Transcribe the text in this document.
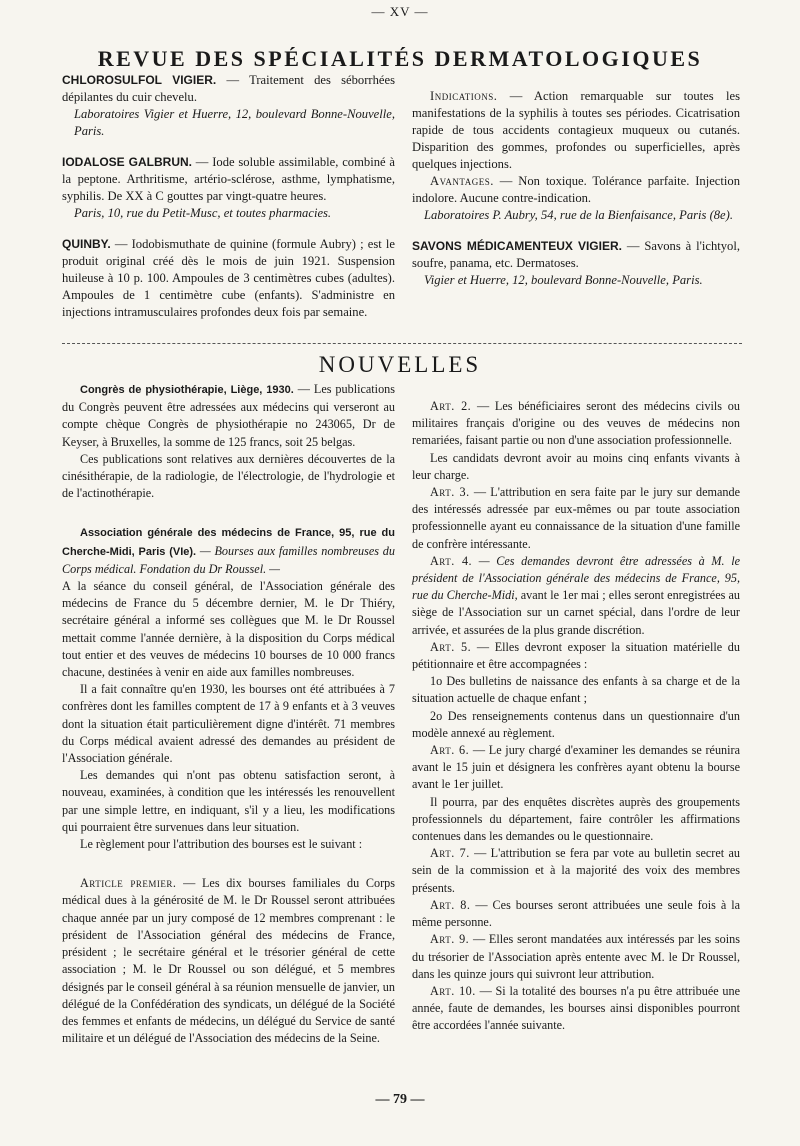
— XV —
REVUE DES SPÉCIALITÉS DERMATOLOGIQUES

CHLOROSULFOL VIGIER. — Traitement des séborrhées dépilantes du cuir chevelu.

Laboratoires Vigier et Huerre, 12, boulevard Bonne-Nouvelle, Paris.

IODALOSE GALBRUN. — Iode soluble assimilable, combiné à la peptone. Arthritisme, artério-sclérose, asthme, lymphatisme, syphilis. De XX à C gouttes par vingt-quatre heures.

Paris, 10, rue du Petit-Musc, et toutes pharmacies.

QUINBY. — Iodobismuthate de quinine (formule Aubry) ; est le produit original créé dès le mois de juin 1921. Suspension huileuse à 10 p. 100. Ampoules de 3 centimètres cubes (adultes). Ampoules de 1 centimètre cube (enfants). S'administre en injections intramusculaires profondes deux fois par semaine.

Indications. — Action remarquable sur toutes les manifestations de la syphilis à toutes ses périodes. Cicatrisation rapide de tous accidents contagieux muqueux ou cutanés. Disparition des gommes, profondes ou superficielles, après quelques injections.

Avantages. — Non toxique. Tolérance parfaite. Injection indolore. Aucune contre-indication.

Laboratoires P. Aubry, 54, rue de la Bienfaisance, Paris (8e).

SAVONS MÉDICAMENTEUX VIGIER. — Savons à l'ichtyol, soufre, panama, etc. Dermatoses.

Vigier et Huerre, 12, boulevard Bonne-Nouvelle, Paris.

NOUVELLES

Congrès de physiothérapie, Liège, 1930. — Les publications du Congrès peuvent être adressées aux médecins qui verseront au compte chèque Congrès de physiothérapie no 243065, Dr de Keyser, à Bruxelles, la somme de 125 francs, soit 25 belgas.

Ces publications sont relatives aux dernières découvertes de la cinésithérapie, de la radiologie, de l'électrologie, de l'hydrologie et de l'actinothérapie.

Association générale des médecins de France, 95, rue du Cherche-Midi, Paris (VIe). — Bourses aux familles nombreuses du Corps médical. Fondation du Dr Roussel. —

A la séance du conseil général, de l'Association générale des médecins de France du 5 décembre dernier, M. le Dr Thiéry, secrétaire général a informé ses collègues que M. le Dr Roussel mettait comme l'année dernière, à la disposition du Corps médical tout entier et des veuves de médecins 10 bourses de 10 000 francs chacune, destinées à venir en aide aux familles nombreuses.

Il a fait connaître qu'en 1930, les bourses ont été attribuées à 7 confrères dont les familles comptent de 17 à 9 enfants et à 3 veuves dont la situation était particulièrement digne d'intérêt. 71 membres du Corps médical avaient adressé des demandes au président de l'Association générale.

Les demandes qui n'ont pas obtenu satisfaction seront, à nouveau, examinées, à condition que les intéressés les renouvellent par une simple lettre, en indiquant, s'il y a lieu, les modifications qui pourraient être survenues dans leur situation.

Le règlement pour l'attribution des bourses est le suivant :

Article premier. — Les dix bourses familiales du Corps médical dues à la générosité de M. le Dr Roussel seront attribuées chaque année par un jury composé de 12 membres comprenant : le président de l'Association général des médecins de France, président ; le secrétaire général et le trésorier général de cette association ; M. le Dr Roussel ou son délégué, et 5 membres désignés par le conseil général à sa réunion mensuelle de janvier, un délégué de la Confédération des syndicats, un délégué de la Société des femmes et enfants de médecins, un délégué du Service de santé militaire et un délégué de l'Association des médecins de la Seine.

Art. 2. — Les bénéficiaires seront des médecins civils ou militaires français d'origine ou des veuves de médecins non remariées, faisant partie ou non d'une association professionnelle.

Les candidats devront avoir au moins cinq enfants vivants à leur charge.

Art. 3. — L'attribution en sera faite par le jury sur demande des intéressés adressée par eux-mêmes ou par toute association professionnelle ayant eu connaissance de la situation d'une famille de confrère intéressante.

Art. 4. — Ces demandes devront être adressées à M. le président de l'Association générale des médecins de France, 95, rue du Cherche-Midi, avant le 1er mai ; elles seront enregistrées au siège de l'Association sur un carnet spécial, dans l'ordre de leur arrivée, et assurées de la plus grande discrétion.

Art. 5. — Elles devront exposer la situation matérielle du pétitionnaire et être accompagnées :

1o Des bulletins de naissance des enfants à sa charge et de la situation actuelle de chaque enfant ;

2o Des renseignements contenus dans un questionnaire d'un modèle annexé au règlement.

Art. 6. — Le jury chargé d'examiner les demandes se réunira avant le 15 juin et désignera les confrères ayant obtenu la bourse avant le 1er juillet.

Il pourra, par des enquêtes discrètes auprès des groupements professionnels du département, faire contrôler les affirmations contenues dans les demandes ou le questionnaire.

Art. 7. — L'attribution se fera par vote au bulletin secret au sein de la commission et à la majorité des voix des membres présents.

Art. 8. — Ces bourses seront attribuées une seule fois à la même personne.

Art. 9. — Elles seront mandatées aux intéressés par les soins du trésorier de l'Association après entente avec M. le Dr Roussel, dans les quinze jours qui suivront leur attribution.

Art. 10. — Si la totalité des bourses n'a pu être attribuée une année, faute de demandes, les bourses ainsi disponibles pourront être accordées l'année suivante.

— 79 —
